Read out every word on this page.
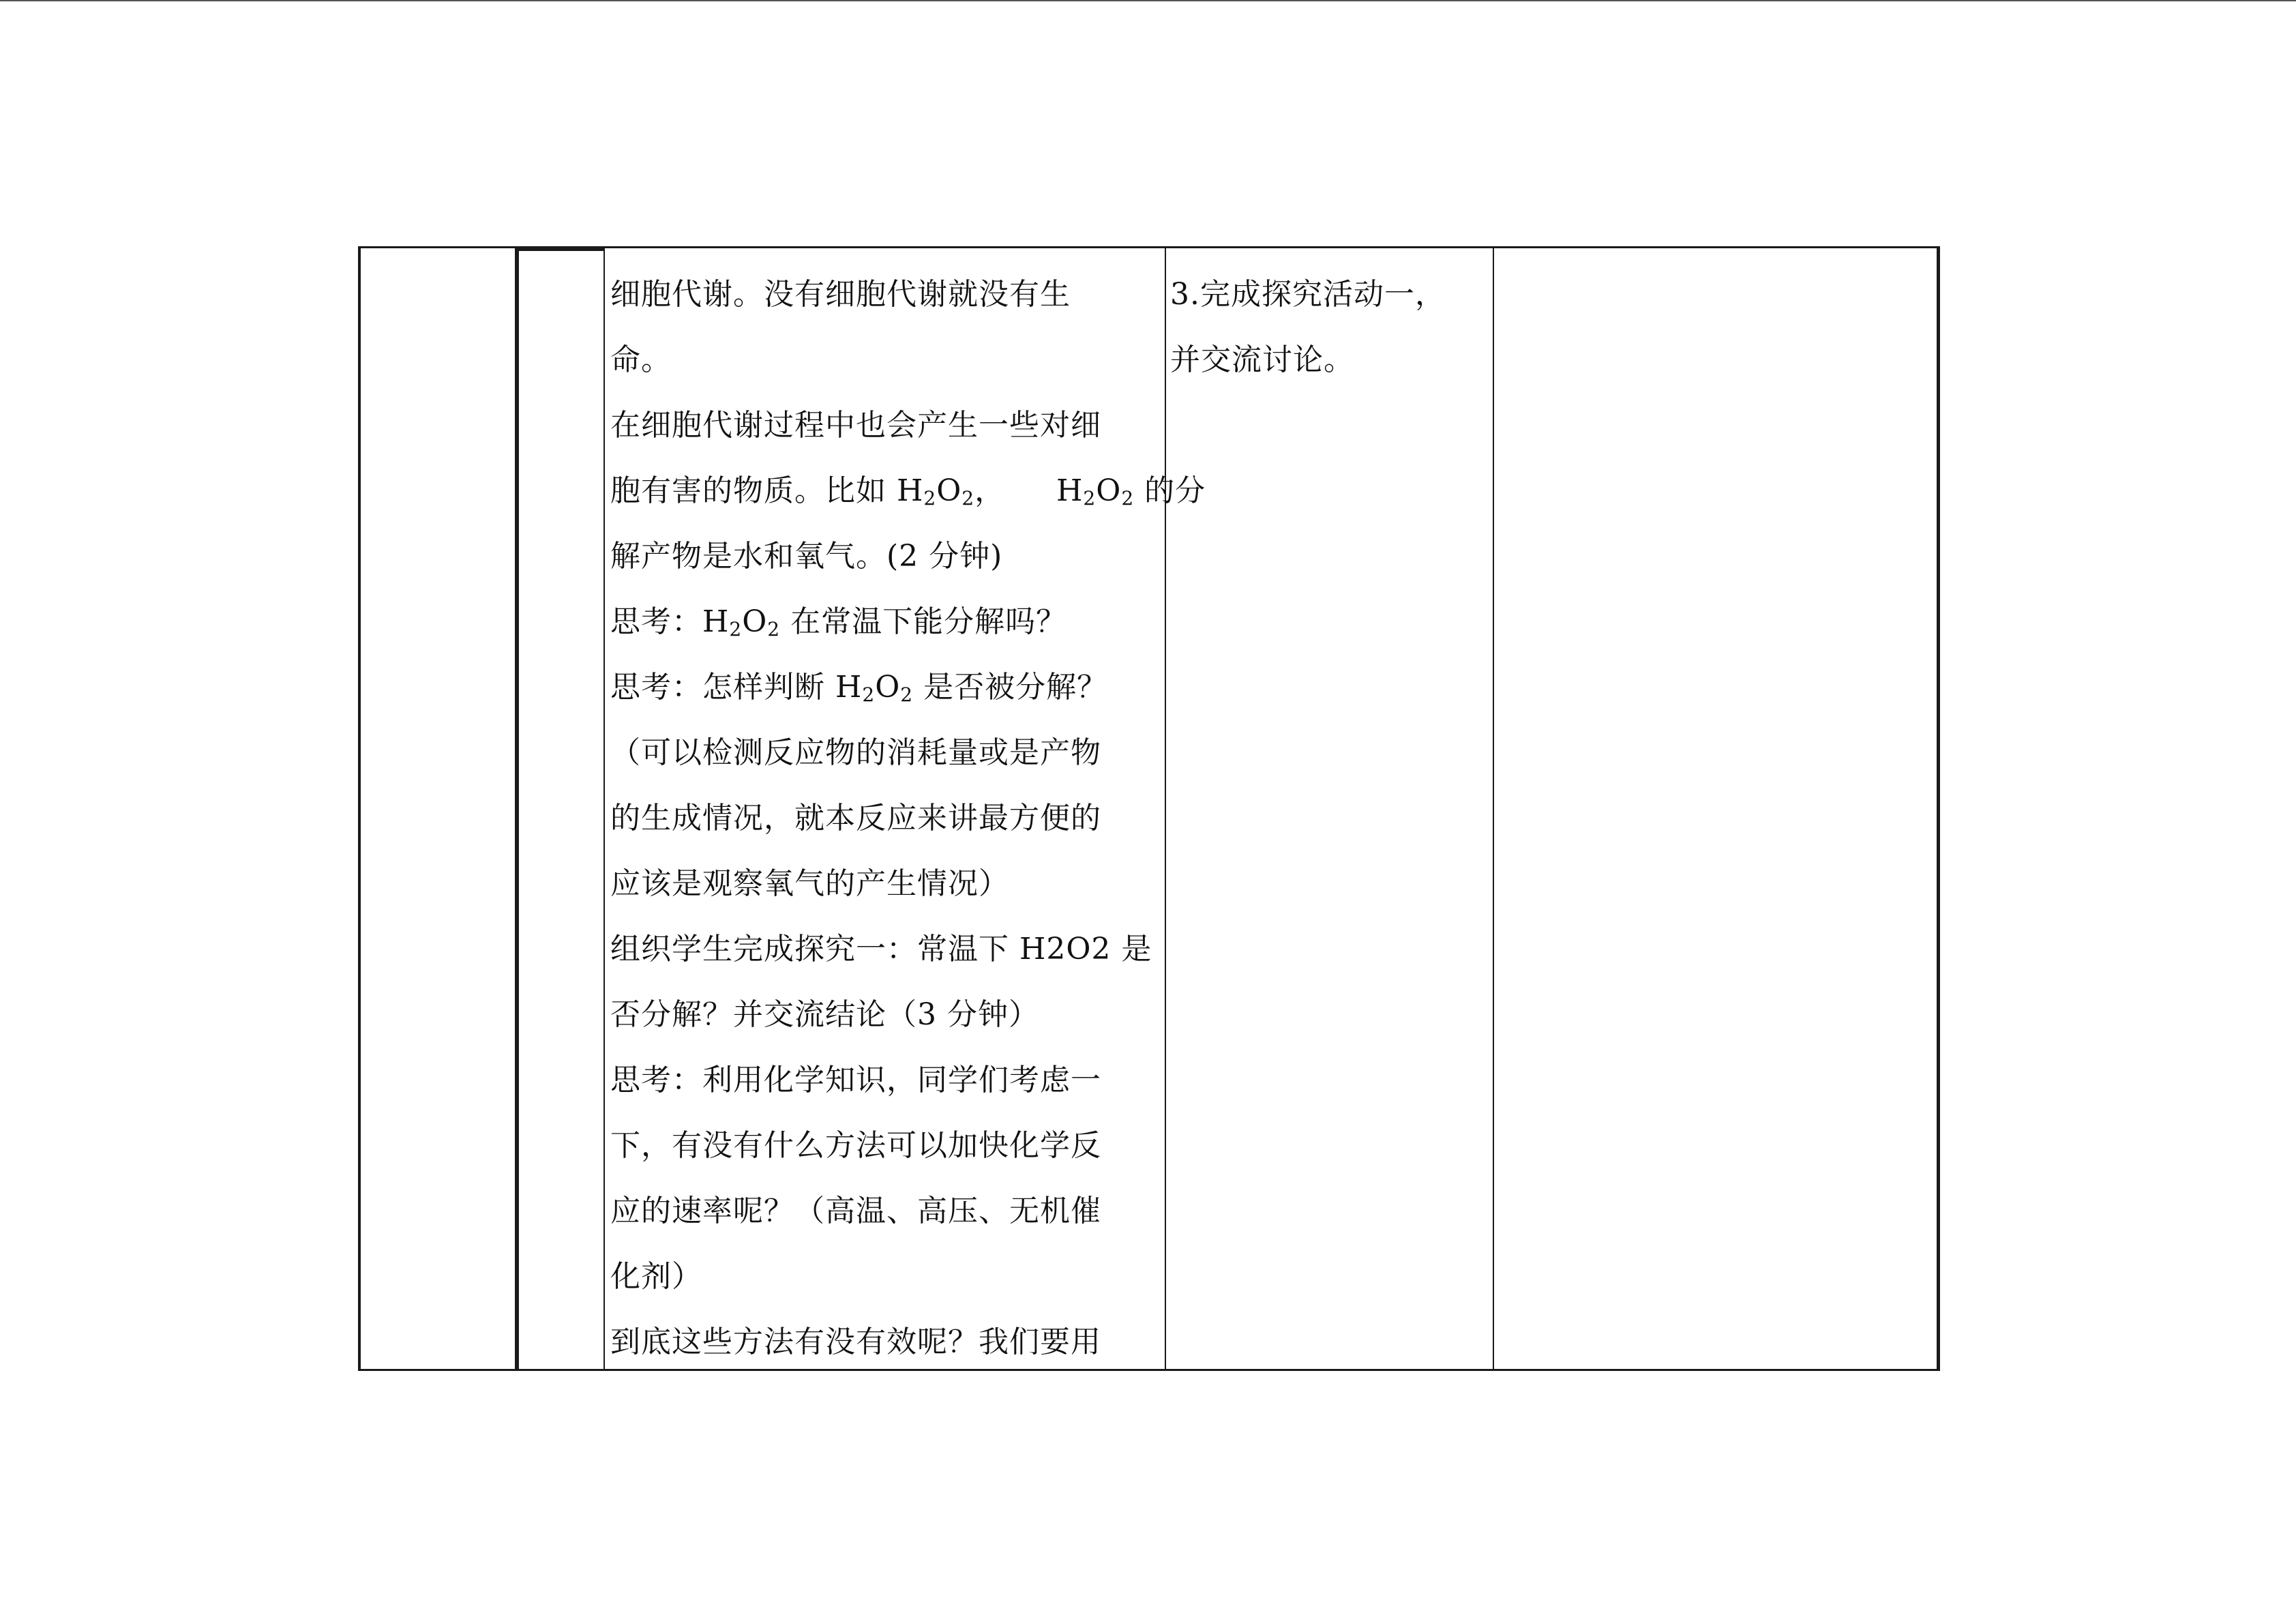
细胞代谢。没有细胞代谢就没有生
命。
在细胞代谢过程中也会产生一些对细
胞有害的物质。比如 $H_2O_2$，     $H_2O_2$ 的分
解产物是水和氧气。(2 分钟)
思考：$H_2O_2$ 在常温下能分解吗？
思考：怎样判断 $H_2O_2$ 是否被分解？
（可以检测反应物的消耗量或是产物
的生成情况，就本反应来讲最方便的
应该是观察氧气的产生情况）
组织学生完成探究一：常温下 H2O2 是
否分解？并交流结论（3 分钟）
思考：利用化学知识，同学们考虑一
下，有没有什么方法可以加快化学反
应的速率呢？（高温、高压、无机催
化剂）
到底这些方法有没有效呢？我们要用
3.完成探究活动一，
并交流讨论。
